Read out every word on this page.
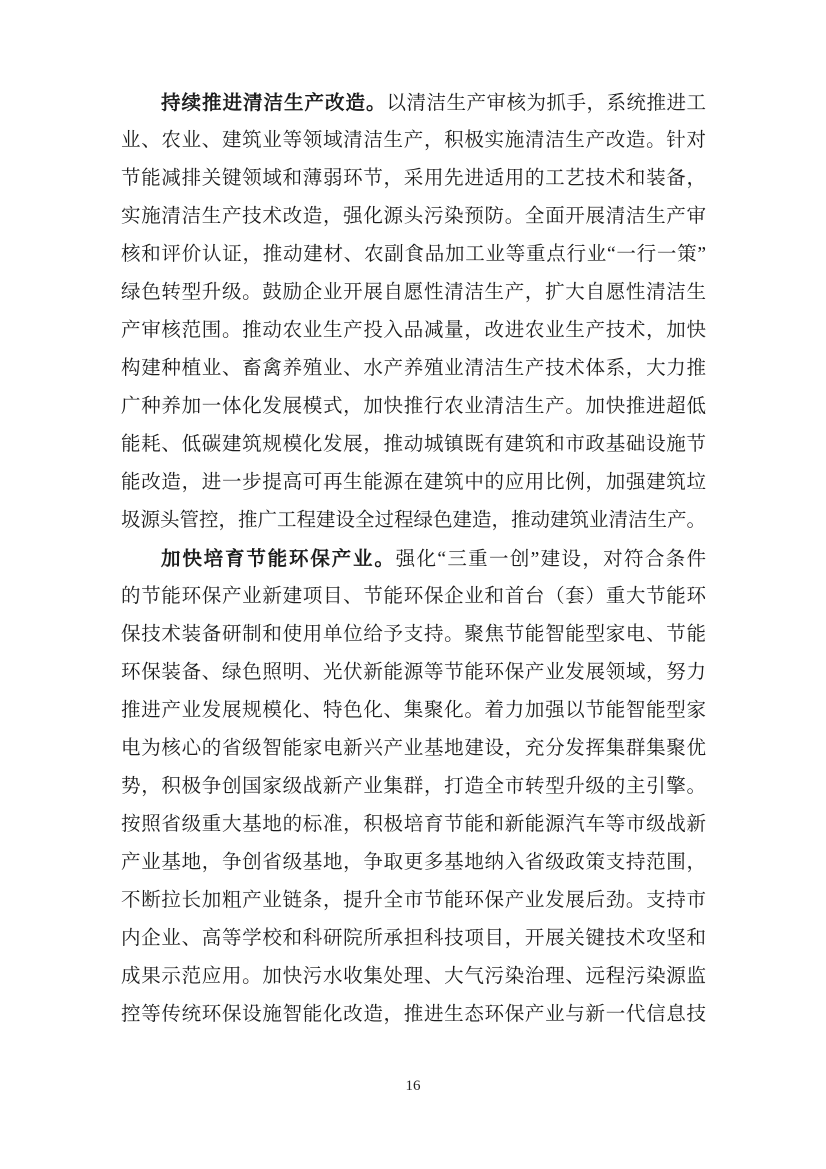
持续推进清洁生产改造。以清洁生产审核为抓手，系统推进工
业、农业、建筑业等领域清洁生产，积极实施清洁生产改造。针对
节能减排关键领域和薄弱环节，采用先进适用的工艺技术和装备，
实施清洁生产技术改造，强化源头污染预防。全面开展清洁生产审
核和评价认证，推动建材、农副食品加工业等重点行业“一行一策”
绿色转型升级。鼓励企业开展自愿性清洁生产，扩大自愿性清洁生
产审核范围。推动农业生产投入品减量，改进农业生产技术，加快
构建种植业、畜禽养殖业、水产养殖业清洁生产技术体系，大力推
广种养加一体化发展模式，加快推行农业清洁生产。加快推进超低
能耗、低碳建筑规模化发展，推动城镇既有建筑和市政基础设施节
能改造，进一步提高可再生能源在建筑中的应用比例，加强建筑垃
圾源头管控，推广工程建设全过程绿色建造，推动建筑业清洁生产。
加快培育节能环保产业。强化“三重一创”建设，对符合条件
的节能环保产业新建项目、节能环保企业和首台（套）重大节能环
保技术装备研制和使用单位给予支持。聚焦节能智能型家电、节能
环保装备、绿色照明、光伏新能源等节能环保产业发展领域，努力
推进产业发展规模化、特色化、集聚化。着力加强以节能智能型家
电为核心的省级智能家电新兴产业基地建设，充分发挥集群集聚优
势，积极争创国家级战新产业集群，打造全市转型升级的主引擎。
按照省级重大基地的标准，积极培育节能和新能源汽车等市级战新
产业基地，争创省级基地，争取更多基地纳入省级政策支持范围，
不断拉长加粗产业链条，提升全市节能环保产业发展后劲。支持市
内企业、高等学校和科研院所承担科技项目，开展关键技术攻坚和
成果示范应用。加快污水收集处理、大气污染治理、远程污染源监
控等传统环保设施智能化改造，推进生态环保产业与新一代信息技
16
